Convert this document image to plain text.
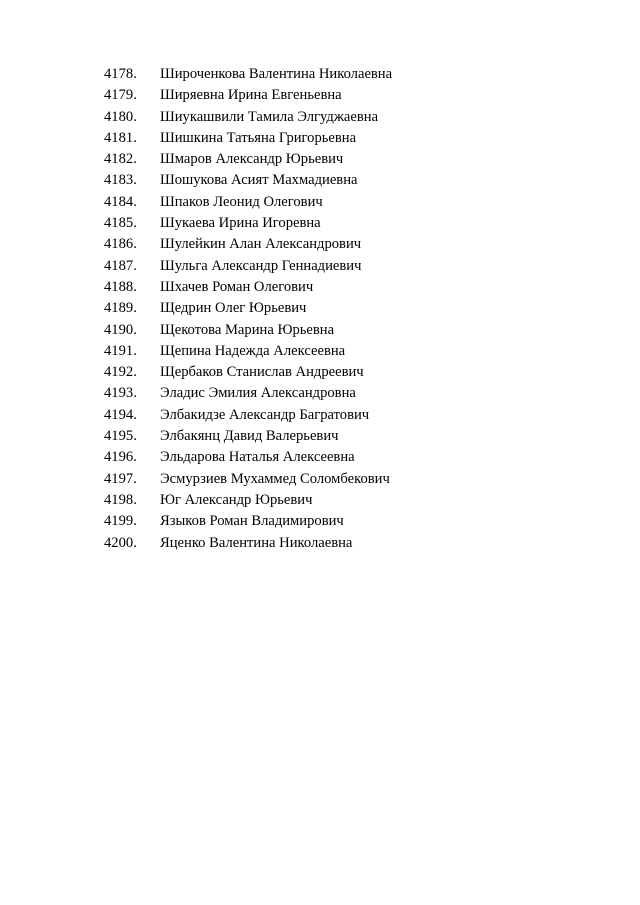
4178.	Широченкова Валентина Николаевна
4179.	Ширяевна Ирина Евгеньевна
4180.	Шиукашвили Тамила Элгуджаевна
4181.	Шишкина Татьяна Григорьевна
4182.	Шмаров Александр Юрьевич
4183.	Шошукова Асият Махмадиевна
4184.	Шпаков Леонид Олегович
4185.	Шукаева Ирина Игоревна
4186.	Шулейкин Алан Александрович
4187.	Шульга Александр Геннадиевич
4188.	Шхачев Роман Олегович
4189.	Щедрин Олег Юрьевич
4190.	Щекотова Марина Юрьевна
4191.	Щепина Надежда Алексеевна
4192.	Щербаков Станислав Андреевич
4193.	Эладис Эмилия Александровна
4194.	Элбакидзе Александр Багратович
4195.	Элбакянц Давид Валерьевич
4196.	Эльдарова Наталья Алексеевна
4197.	Эсмурзиев Мухаммед Соломбекович
4198.	Юг Александр Юрьевич
4199.	Языков Роман Владимирович
4200.	Яценко Валентина Николаевна
